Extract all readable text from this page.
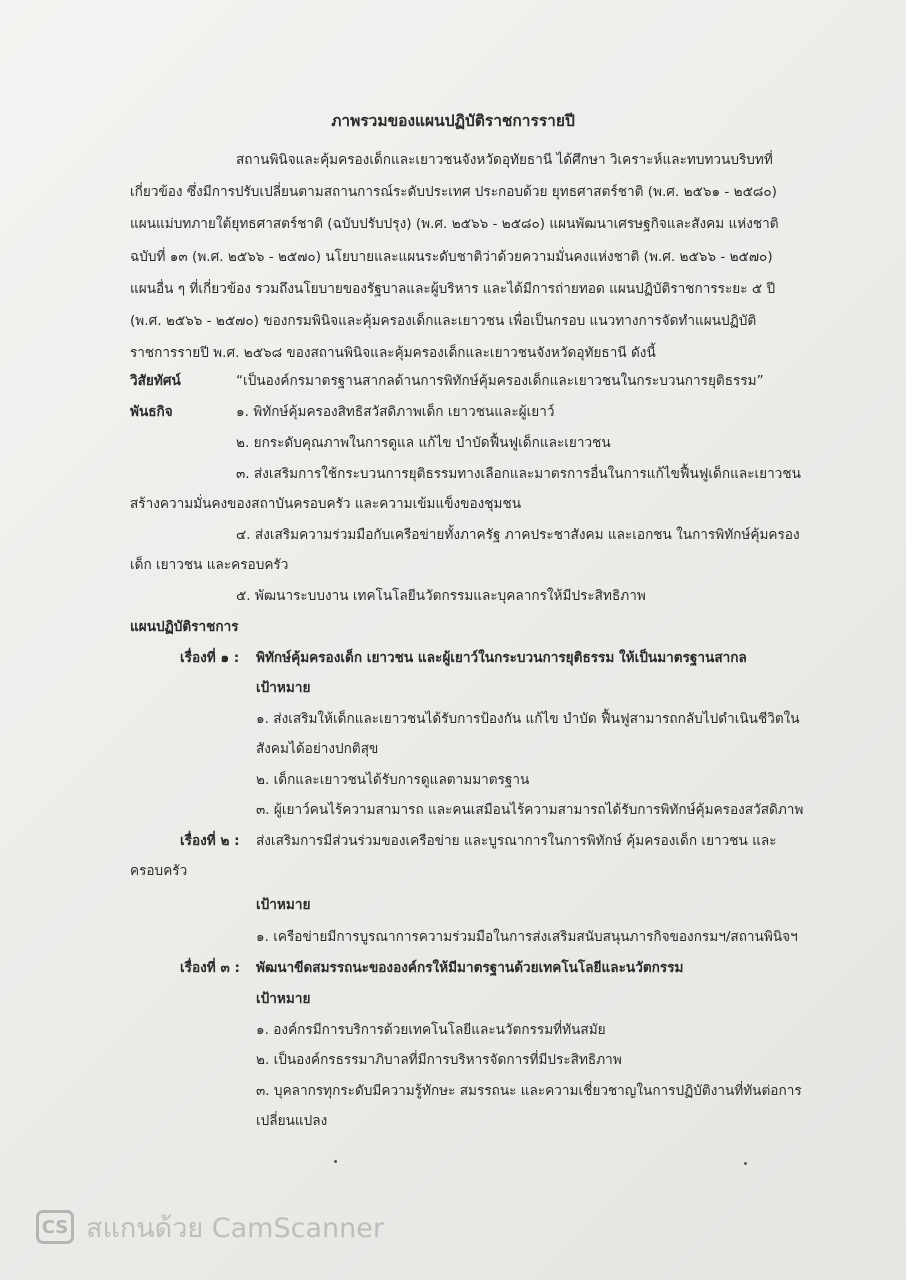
ภาพรวมของแผนปฏิบัติราชการรายปี
สถานพินิจและคุ้มครองเด็กและเยาวชนจังหวัดอุทัยธานี ได้ศึกษา วิเคราะห์และทบทวนบริบทที่
เกี่ยวข้อง ซึ่งมีการปรับเปลี่ยนตามสถานการณ์ระดับประเทศ ประกอบด้วย ยุทธศาสตร์ชาติ (พ.ศ. ๒๕๖๑ - ๒๕๘๐)
แผนแม่บทภายใต้ยุทธศาสตร์ชาติ (ฉบับปรับปรุง) (พ.ศ. ๒๕๖๖ - ๒๕๘๐) แผนพัฒนาเศรษฐกิจและสังคม แห่งชาติ
ฉบับที่ ๑๓ (พ.ศ. ๒๕๖๖ - ๒๕๗๐) นโยบายและแผนระดับชาติว่าด้วยความมั่นคงแห่งชาติ (พ.ศ. ๒๕๖๖ - ๒๕๗๐)
แผนอื่น ๆ ที่เกี่ยวข้อง รวมถึงนโยบายของรัฐบาลและผู้บริหาร และได้มีการถ่ายทอด แผนปฏิบัติราชการระยะ ๕ ปี
(พ.ศ. ๒๕๖๖ - ๒๕๗๐) ของกรมพินิจและคุ้มครองเด็กและเยาวชน เพื่อเป็นกรอบ แนวทางการจัดทำแผนปฏิบัติ
ราชการรายปี พ.ศ. ๒๕๖๘ ของสถานพินิจและคุ้มครองเด็กและเยาวชนจังหวัดอุทัยธานี ดังนี้
วิสัยทัศน์	“เป็นองค์กรมาตรฐานสากลด้านการพิทักษ์คุ้มครองเด็กและเยาวชนในกระบวนการยุติธรรม”
พันธกิจ	๑. พิทักษ์คุ้มครองสิทธิสวัสดิภาพเด็ก เยาวชนและผู้เยาว์
๒. ยกระดับคุณภาพในการดูแล แก้ไข บำบัดฟื้นฟูเด็กและเยาวชน
๓. ส่งเสริมการใช้กระบวนการยุติธรรมทางเลือกและมาตรการอื่นในการแก้ไขฟื้นฟูเด็กและเยาวชน
สร้างความมั่นคงของสถาบันครอบครัว และความเข้มแข็งของชุมชน
๔. ส่งเสริมความร่วมมือกับเครือข่ายทั้งภาครัฐ ภาคประชาสังคม และเอกชน ในการพิทักษ์คุ้มครอง
เด็ก เยาวชน และครอบครัว
๕. พัฒนาระบบงาน เทคโนโลยีนวัตกรรมและบุคลากรให้มีประสิทธิภาพ
แผนปฏิบัติราชการ
เรื่องที่ ๑ : พิทักษ์คุ้มครองเด็ก เยาวชน และผู้เยาว์ในกระบวนการยุติธรรม ให้เป็นมาตรฐานสากล
เป้าหมาย
๑. ส่งเสริมให้เด็กและเยาวชนได้รับการป้องกัน แก้ไข บำบัด ฟื้นฟูสามารถกลับไปดำเนินชีวิตใน
สังคมได้อย่างปกติสุข
๒. เด็กและเยาวชนได้รับการดูแลตามมาตรฐาน
๓. ผู้เยาว์คนไร้ความสามารถ และคนเสมือนไร้ความสามารถได้รับการพิทักษ์คุ้มครองสวัสดิภาพ
เรื่องที่ ๒ : ส่งเสริมการมีส่วนร่วมของเครือข่าย และบูรณาการในการพิทักษ์ คุ้มครองเด็ก เยาวชน และ
ครอบครัว
เป้าหมาย
๑. เครือข่ายมีการบูรณาการความร่วมมือในการส่งเสริมสนับสนุนภารกิจของกรมฯ/สถานพินิจฯ
เรื่องที่ ๓ : พัฒนาขีดสมรรถนะขององค์กรให้มีมาตรฐานด้วยเทคโนโลยีและนวัตกรรม
เป้าหมาย
๑. องค์กรมีการบริการด้วยเทคโนโลยีและนวัตกรรมที่ทันสมัย
๒. เป็นองค์กรธรรมาภิบาลที่มีการบริหารจัดการที่มีประสิทธิภาพ
๓. บุคลากรทุกระดับมีความรู้ทักษะ สมรรถนะ และความเชี่ยวชาญในการปฏิบัติงานที่ทันต่อการ
เปลี่ยนแปลง
CS สแกนด้วย CamScanner
